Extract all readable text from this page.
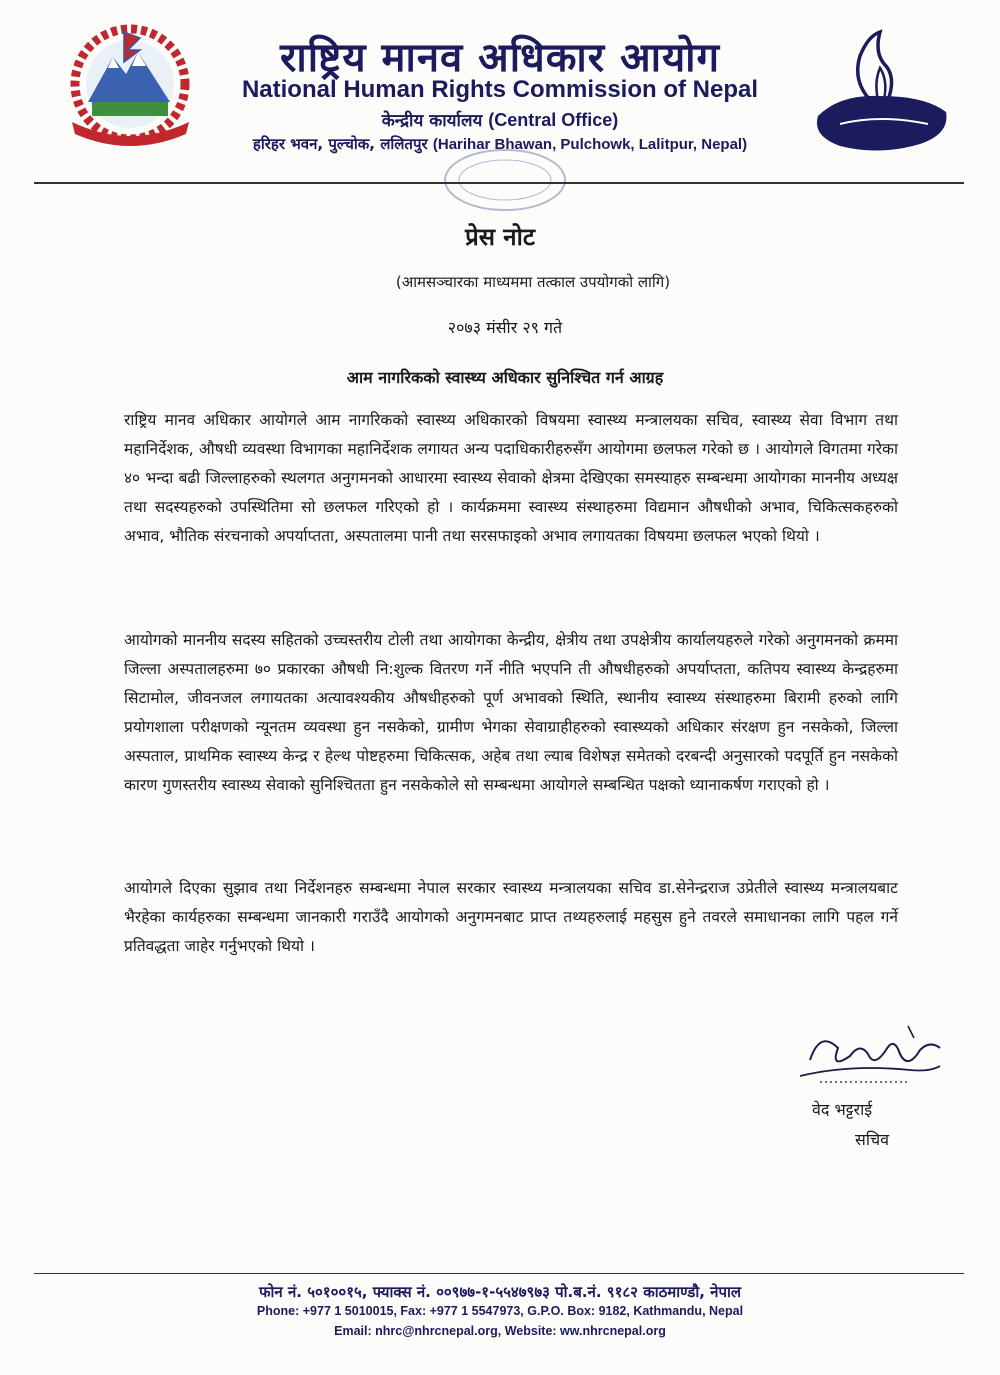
राष्ट्रिय मानव अधिकार आयोग
National Human Rights Commission of Nepal
केन्द्रीय कार्यालय (Central Office)
हरिहर भवन, पुल्चोक, ललितपुर (Harihar Bhawan, Pulchowk, Lalitpur, Nepal)
प्रेस नोट
(आमसञ्चारका माध्यममा तत्काल उपयोगको लागि)
२०७३ मंसीर २९ गते
आम नागरिकको स्वास्थ्य अधिकार सुनिश्चित गर्न आग्रह
राष्ट्रिय मानव अधिकार आयोगले आम नागरिकको स्वास्थ्य अधिकारको विषयमा स्वास्थ्य मन्त्रालयका सचिव, स्वास्थ्य सेवा विभाग तथा महानिर्देशक, औषधी व्यवस्था विभागका महानिर्देशक लगायत अन्य पदाधिकारीहरुसँग आयोगमा छलफल गरेको छ । आयोगले विगतमा गरेका ४० भन्दा बढी जिल्लाहरुको स्थलगत अनुगमनको आधारमा स्वास्थ्य सेवाको क्षेत्रमा देखिएका समस्याहरु सम्बन्धमा आयोगका माननीय अध्यक्ष तथा सदस्यहरुको उपस्थितिमा सो छलफल गरिएको हो । कार्यक्रममा स्वास्थ्य संस्थाहरुमा विद्यमान औषधीको अभाव, चिकित्सकहरुको अभाव, भौतिक संरचनाको अपर्याप्तता, अस्पतालमा पानी तथा सरसफाइको अभाव लगायतका विषयमा छलफल भएको थियो ।
आयोगको माननीय सदस्य सहितको उच्चस्तरीय टोली तथा आयोगका केन्द्रीय, क्षेत्रीय तथा उपक्षेत्रीय कार्यालयहरुले गरेको अनुगमनको क्रममा जिल्ला अस्पतालहरुमा ७० प्रकारका औषधी नि:शुल्क वितरण गर्ने नीति भएपनि ती औषधीहरुको अपर्याप्तता, कतिपय स्वास्थ्य केन्द्रहरुमा सिटामोल, जीवनजल लगायतका अत्यावश्यकीय औषधीहरुको पूर्ण अभावको स्थिति, स्थानीय स्वास्थ्य संस्थाहरुमा बिरामी हरुको लागि प्रयोगशाला परीक्षणको न्यूनतम व्यवस्था हुन नसकेको, ग्रामीण भेगका सेवाग्राहीहरुको स्वास्थ्यको अधिकार संरक्षण हुन नसकेको, जिल्ला अस्पताल, प्राथमिक स्वास्थ्य केन्द्र र हेल्थ पोष्टहरुमा चिकित्सक, अहेब तथा ल्याब विशेषज्ञ समेतको दरबन्दी अनुसारको पदपूर्ति हुन नसकेको कारण गुणस्तरीय स्वास्थ्य सेवाको सुनिश्चितता हुन नसकेकोले सो सम्बन्धमा आयोगले सम्बन्धित पक्षको ध्यानाकर्षण गराएको हो ।
आयोगले दिएका सुझाव तथा निर्देशनहरु सम्बन्धमा नेपाल सरकार स्वास्थ्य मन्त्रालयका सचिव डा.सेनेन्द्रराज उप्रेतीले स्वास्थ्य मन्त्रालयबाट भैरहेका कार्यहरुका सम्बन्धमा जानकारी गराउँदै आयोगको अनुगमनबाट प्राप्त तथ्यहरुलाई महसुस हुने तवरले समाधानका लागि पहल गर्ने प्रतिवद्धता जाहेर गर्नुभएको थियो ।
वेद भट्टराई
सचिव
फोन नं. ५०१००१५, फ्याक्स नं. ००९७७-१-५५४७९७३ पो.ब.नं. ९१८२ काठमाण्डौ, नेपाल
Phone: +977 1 5010015, Fax: +977 1 5547973, G.P.O. Box: 9182, Kathmandu, Nepal
Email: nhrc@nhrcnepal.org, Website: ww.nhrcnepal.org
